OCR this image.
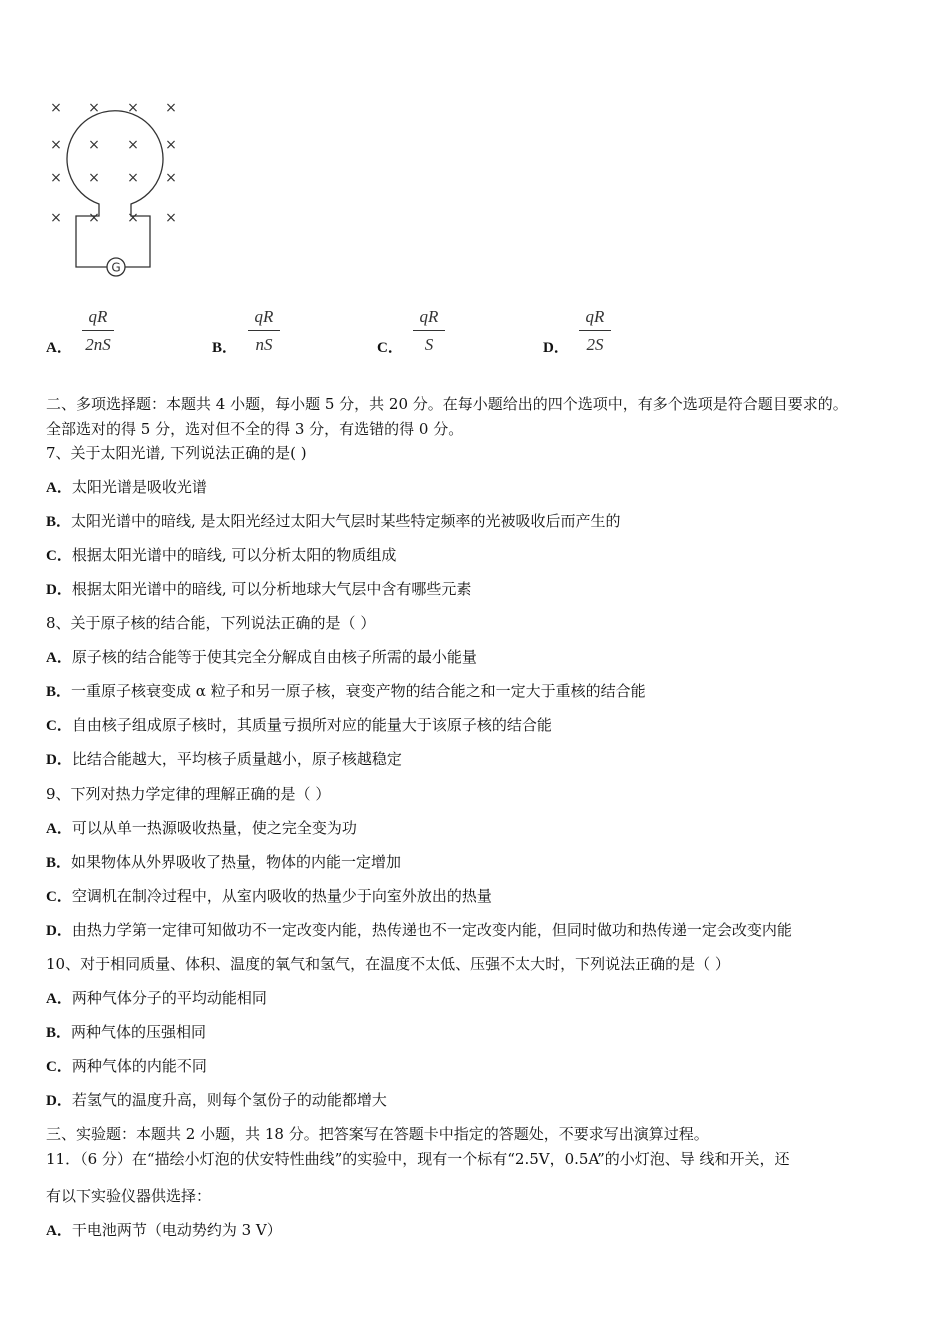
G
× × × ×
× × × ×
× × × ×
× × × ×
A．
qR
2nS	B．
qR
nS	C．
qR
S	D．
qR
2S
二、多项选择题：本题共 4 小题，每小题 5 分，共 20 分。在每小题给出的四个选项中，有多个选项是符合题目要求的。
全部选对的得 5 分，选对但不全的得 3 分，有选错的得 0 分。
7、关于太阳光谱, 下列说法正确的是( )
A．太阳光谱是吸收光谱
B．太阳光谱中的暗线, 是太阳光经过太阳大气层时某些特定频率的光被吸收后而产生的
C．根据太阳光谱中的暗线, 可以分析太阳的物质组成
D．根据太阳光谱中的暗线, 可以分析地球大气层中含有哪些元素
8、关于原子核的结合能，下列说法正确的是（ ）
A．原子核的结合能等于使其完全分解成自由核子所需的最小能量
B．一重原子核衰变成 α 粒子和另一原子核，衰变产物的结合能之和一定大于重核的结合能
C．自由核子组成原子核时，其质量亏损所对应的能量大于该原子核的结合能
D．比结合能越大，平均核子质量越小，原子核越稳定
9、下列对热力学定律的理解正确的是（ ）
A．可以从单一热源吸收热量，使之完全变为功
B．如果物体从外界吸收了热量，物体的内能一定增加
C．空调机在制冷过程中，从室内吸收的热量少于向室外放出的热量
D．由热力学第一定律可知做功不一定改变内能，热传递也不一定改变内能，但同时做功和热传递一定会改变内能
10、对于相同质量、体积、温度的氧气和氢气，在温度不太低、压强不太大时，下列说法正确的是（ ）
A．两种气体分子的平均动能相同
B．两种气体的压强相同
C．两种气体的内能不同
D．若氢气的温度升高，则每个氢份子的动能都增大
三、实验题：本题共 2 小题，共 18 分。把答案写在答题卡中指定的答题处，不要求写出演算过程。
11．（6 分）在“描绘小灯泡的伏安特性曲线”的实验中，现有一个标有“2.5V，0.5A”的小灯泡、导 线和开关，还
有以下实验仪器供选择：
A．干电池两节（电动势约为 3 V）
